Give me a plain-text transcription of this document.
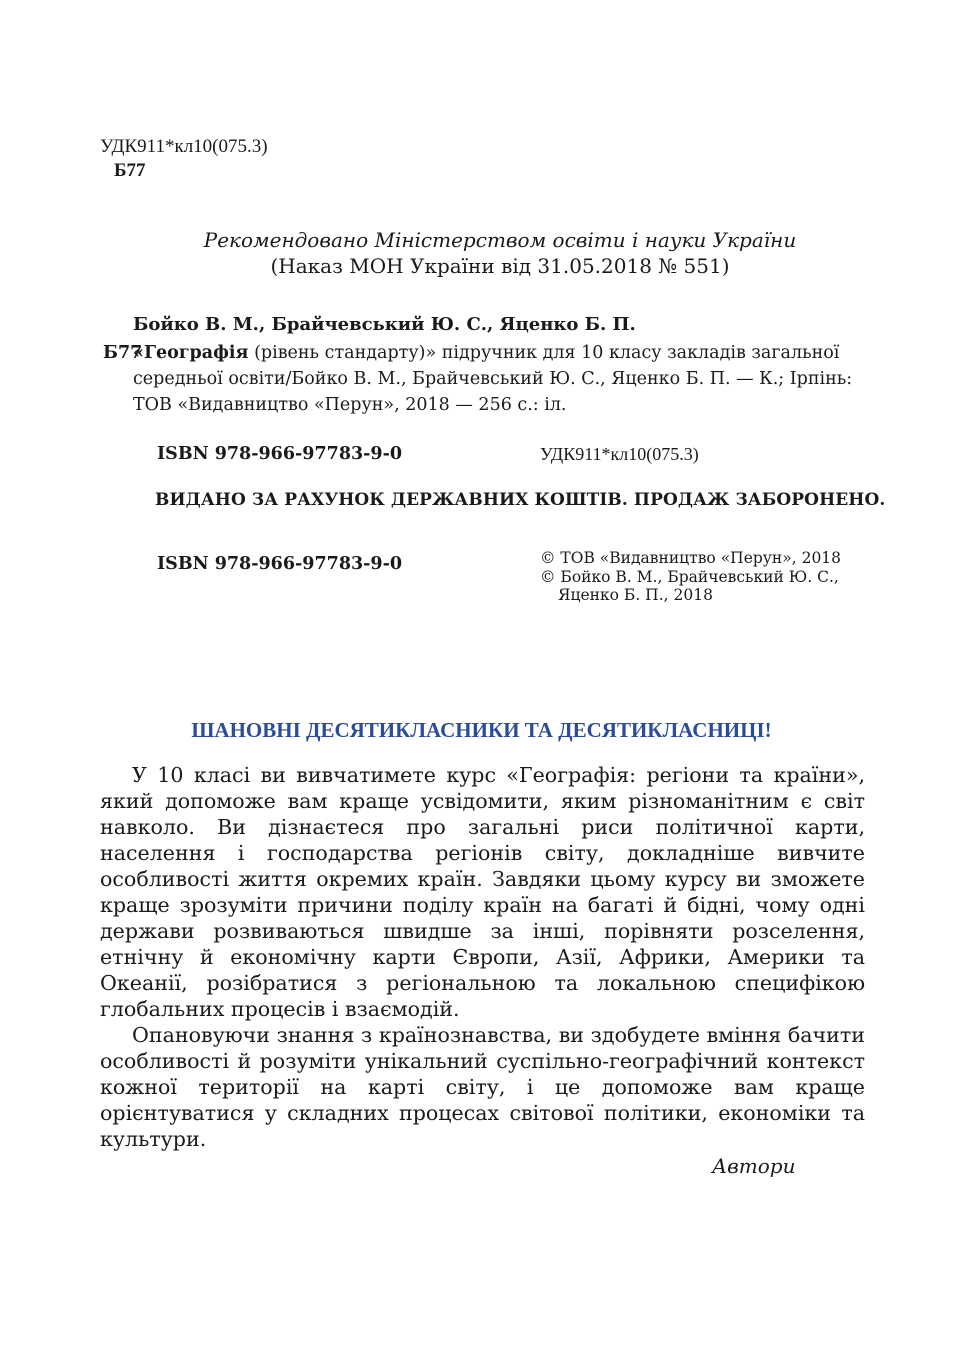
УДК911*кл10(075.3)
Б77
Рекомендовано Міністерством освіти і науки України
(Наказ МОН України від 31.05.2018 № 551)
Бойко В. М., Брайчевський Ю. С., Яценко Б. П.
Б77
«Географія (рівень стандарту)» підручник для 10 класу закладів загальної середньої освіти/Бойко В. М., Брайчевський Ю. С., Яценко Б. П. — К.; Ірпінь: ТОВ «Видавництво «Перун», 2018 — 256 с.: іл.
ISBN 978-966-97783-9-0	УДК911*кл10(075.3)
ВИДАНО ЗА РАХУНОК ДЕРЖАВНИХ КОШТІВ. ПРОДАЖ ЗАБОРОНЕНО.
ISBN 978-966-97783-9-0	© ТОВ «Видавництво «Перун», 2018
© Бойко В. М., Брайчевський Ю. С.,
Яценко Б. П., 2018
ШАНОВНІ ДЕСЯТИКЛАСНИКИ ТА ДЕСЯТИКЛАСНИЦІ!

У 10 класі ви вивчатимете курс «Географія: регіони та країни», який допоможе вам краще усвідомити, яким різноманітним є світ навколо. Ви дізнаєтеся про загальні риси політичної карти, населення і господарства регіонів світу, докладніше вивчите особливості життя окремих країн. Завдяки цьому курсу ви зможете краще зрозуміти причини поділу країн на багаті й бідні, чому одні держави розвиваються швидше за інші, порівняти розселення, етнічну й економічну карти Європи, Азії, Африки, Америки та Океанії, розібратися з регіональною та локальною специфікою глобальних процесів і взаємодій.

Опановуючи знання з країнознавства, ви здобудете вміння бачити особливості й розуміти унікальний суспільно-географічний контекст кожної території на карті світу, і це допоможе вам краще орієнтуватися у складних процесах світової політики, економіки та культури.

Автори
